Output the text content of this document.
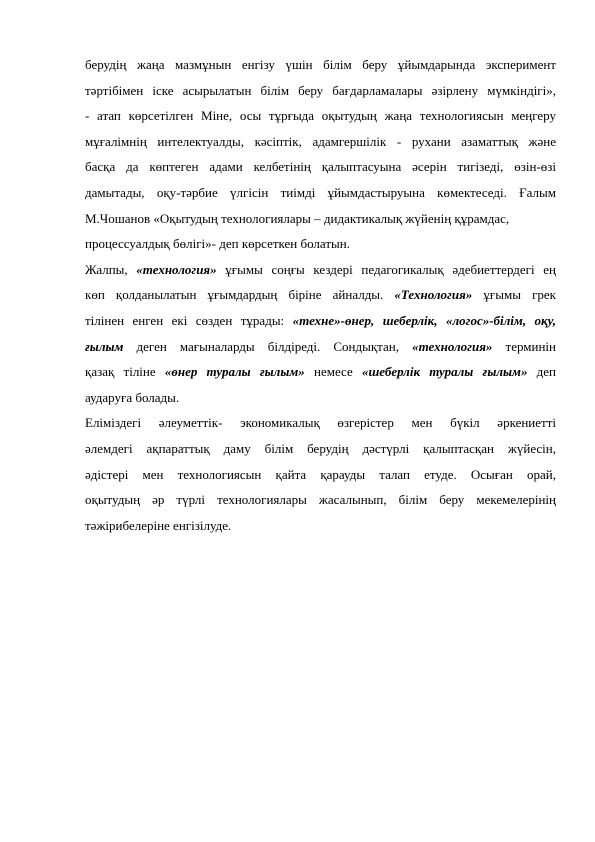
берудің жаңа мазмұнын енгізу үшін білім беру ұйымдарында эксперимент
тәртібімен іске асырылатын білім беру бағдарламалары әзірлену мүмкіндігі»,
- атап көрсетілген Міне, осы тұрғыда оқытудың жаңа технологиясын меңгеру
мұғалімнің интелектуалды, кәсіптік, адамгершілік - рухани азаматтық және
басқа да көптеген адами келбетінің қалыптасуына әсерін тигізеді, өзін-өзі
дамытады, оқу-тәрбие үлгісін тиімді ұйымдастыруына көмектеседі. Ғалым
М.Чошанов «Оқытудың технологиялары – дидактикалық жүйенің құрамдас,
процессуалдық бөлігі»- деп көрсеткен болатын.
Жалпы, «технология» ұғымы соңғы кездері педагогикалық әдебиеттердегі ең
көп қолданылатын ұғымдардың біріне айналды. «Технология» ұғымы грек
тілінен енген екі сөзден тұрады: «техне»-өнер, шеберлік, «логос»-білім, оқу,
ғылым деген мағыналарды білдіреді. Сондықтан, «технология» терминін
қазақ тіліне «өнер туралы ғылым» немесе «шеберлік туралы ғылым» деп
аударуға болады.
Еліміздегі әлеуметтік- экономикалық өзгерістер мен бүкіл әркениетті
әлемдегі ақпараттық даму білім берудің дәстүрлі қалыптасқан жүйесін,
әдістері мен технологиясын қайта қарауды талап етуде. Осыған орай,
оқытудың әр түрлі технологиялары жасалынып, білім беру мекемелерінің
тәжірибелеріне енгізілуде.
